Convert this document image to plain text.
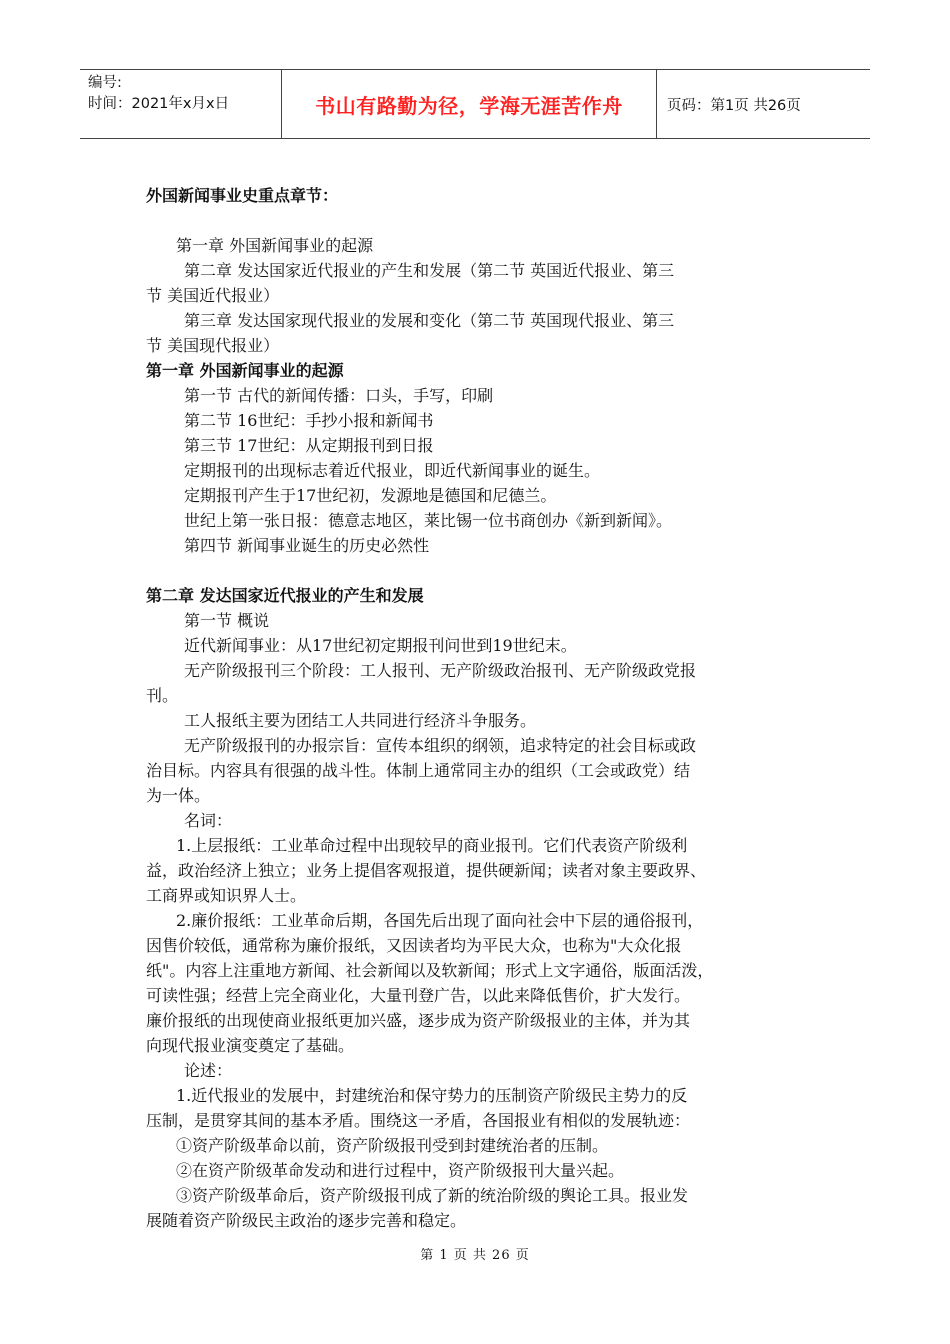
编号:
时间：2021年x月x日	书山有路勤为径，学海无涯苦作舟	页码：第1页 共26页
外国新闻事业史重点章节：
第一章 外国新闻事业的起源
第二章 发达国家近代报业的产生和发展（第二节 英国近代报业、第三
节 美国近代报业）
第三章 发达国家现代报业的发展和变化（第二节 英国现代报业、第三
节 美国现代报业）
第一章 外国新闻事业的起源
第一节 古代的新闻传播：口头，手写，印刷
第二节 16世纪：手抄小报和新闻书
第三节 17世纪：从定期报刊到日报
定期报刊的出现标志着近代报业，即近代新闻事业的诞生。
定期报刊产生于17世纪初，发源地是德国和尼德兰。
世纪上第一张日报：德意志地区，莱比锡一位书商创办《新到新闻》。
第四节 新闻事业诞生的历史必然性
第二章 发达国家近代报业的产生和发展
第一节 概说
近代新闻事业：从17世纪初定期报刊问世到19世纪末。
无产阶级报刊三个阶段：工人报刊、无产阶级政治报刊、无产阶级政党报
刊。
工人报纸主要为团结工人共同进行经济斗争服务。
无产阶级报刊的办报宗旨：宣传本组织的纲领，追求特定的社会目标或政
治目标。内容具有很强的战斗性。体制上通常同主办的组织（工会或政党）结
为一体。
名词：
1.上层报纸：工业革命过程中出现较早的商业报刊。它们代表资产阶级利
益，政治经济上独立；业务上提倡客观报道，提供硬新闻；读者对象主要政界、
工商界或知识界人士。
2.廉价报纸：工业革命后期，各国先后出现了面向社会中下层的通俗报刊，
因售价较低，通常称为廉价报纸，又因读者均为平民大众，也称为"大众化报
纸"。内容上注重地方新闻、社会新闻以及软新闻；形式上文字通俗，版面活泼，
可读性强；经营上完全商业化，大量刊登广告，以此来降低售价，扩大发行。
廉价报纸的出现使商业报纸更加兴盛，逐步成为资产阶级报业的主体，并为其
向现代报业演变奠定了基础。
论述：
1.近代报业的发展中，封建统治和保守势力的压制资产阶级民主势力的反
压制，是贯穿其间的基本矛盾。围绕这一矛盾，各国报业有相似的发展轨迹：
①资产阶级革命以前，资产阶级报刊受到封建统治者的压制。
②在资产阶级革命发动和进行过程中，资产阶级报刊大量兴起。
③资产阶级革命后，资产阶级报刊成了新的统治阶级的舆论工具。报业发
展随着资产阶级民主政治的逐步完善和稳定。
第 1 页 共 26 页
